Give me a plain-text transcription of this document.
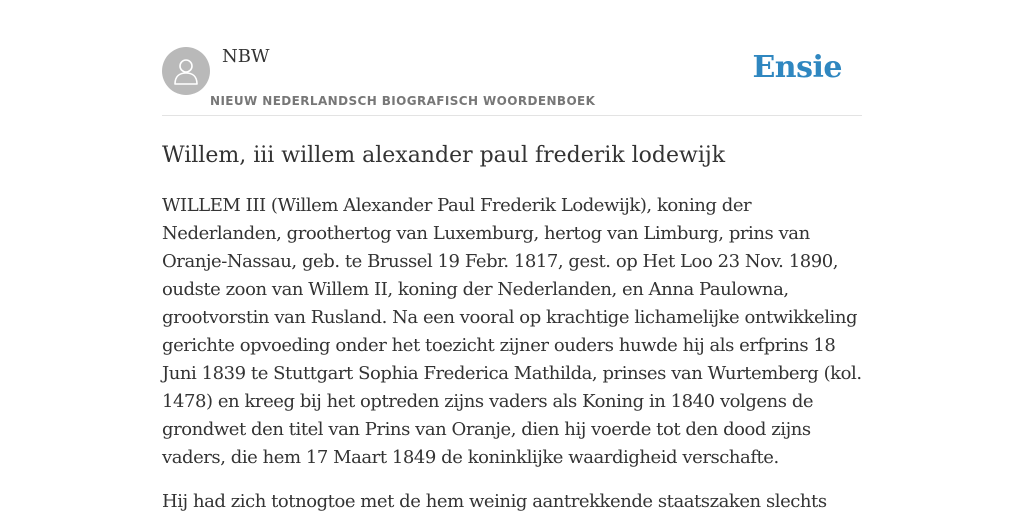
NBW
NIEUW NEDERLANDSCH BIOGRAFISCH WOORDENBOEK
Ensie
Willem, iii willem alexander paul frederik lodewijk

WILLEM III (Willem Alexander Paul Frederik Lodewijk), koning der Nederlanden, groothertog van Luxemburg, hertog van Limburg, prins van Oranje-Nassau, geb. te Brussel 19 Febr. 1817, gest. op Het Loo 23 Nov. 1890, oudste zoon van Willem II, koning der Nederlanden, en Anna Paulowna, grootvorstin van Rusland. Na een vooral op krachtige lichamelijke ontwikkeling gerichte opvoeding onder het toezicht zijner ouders huwde hij als erfprins 18 Juni 1839 te Stuttgart Sophia Frederica Mathilda, prinses van Wurtemberg (kol. 1478) en kreeg bij het optreden zijns vaders als Koning in 1840 volgens de grondwet den titel van Prins van Oranje, dien hij voerde tot den dood zijns vaders, die hem 17 Maart 1849 de koninklijke waardigheid verschafte.

Hij had zich totnogtoe met de hem weinig aantrekkende staatszaken slechts
